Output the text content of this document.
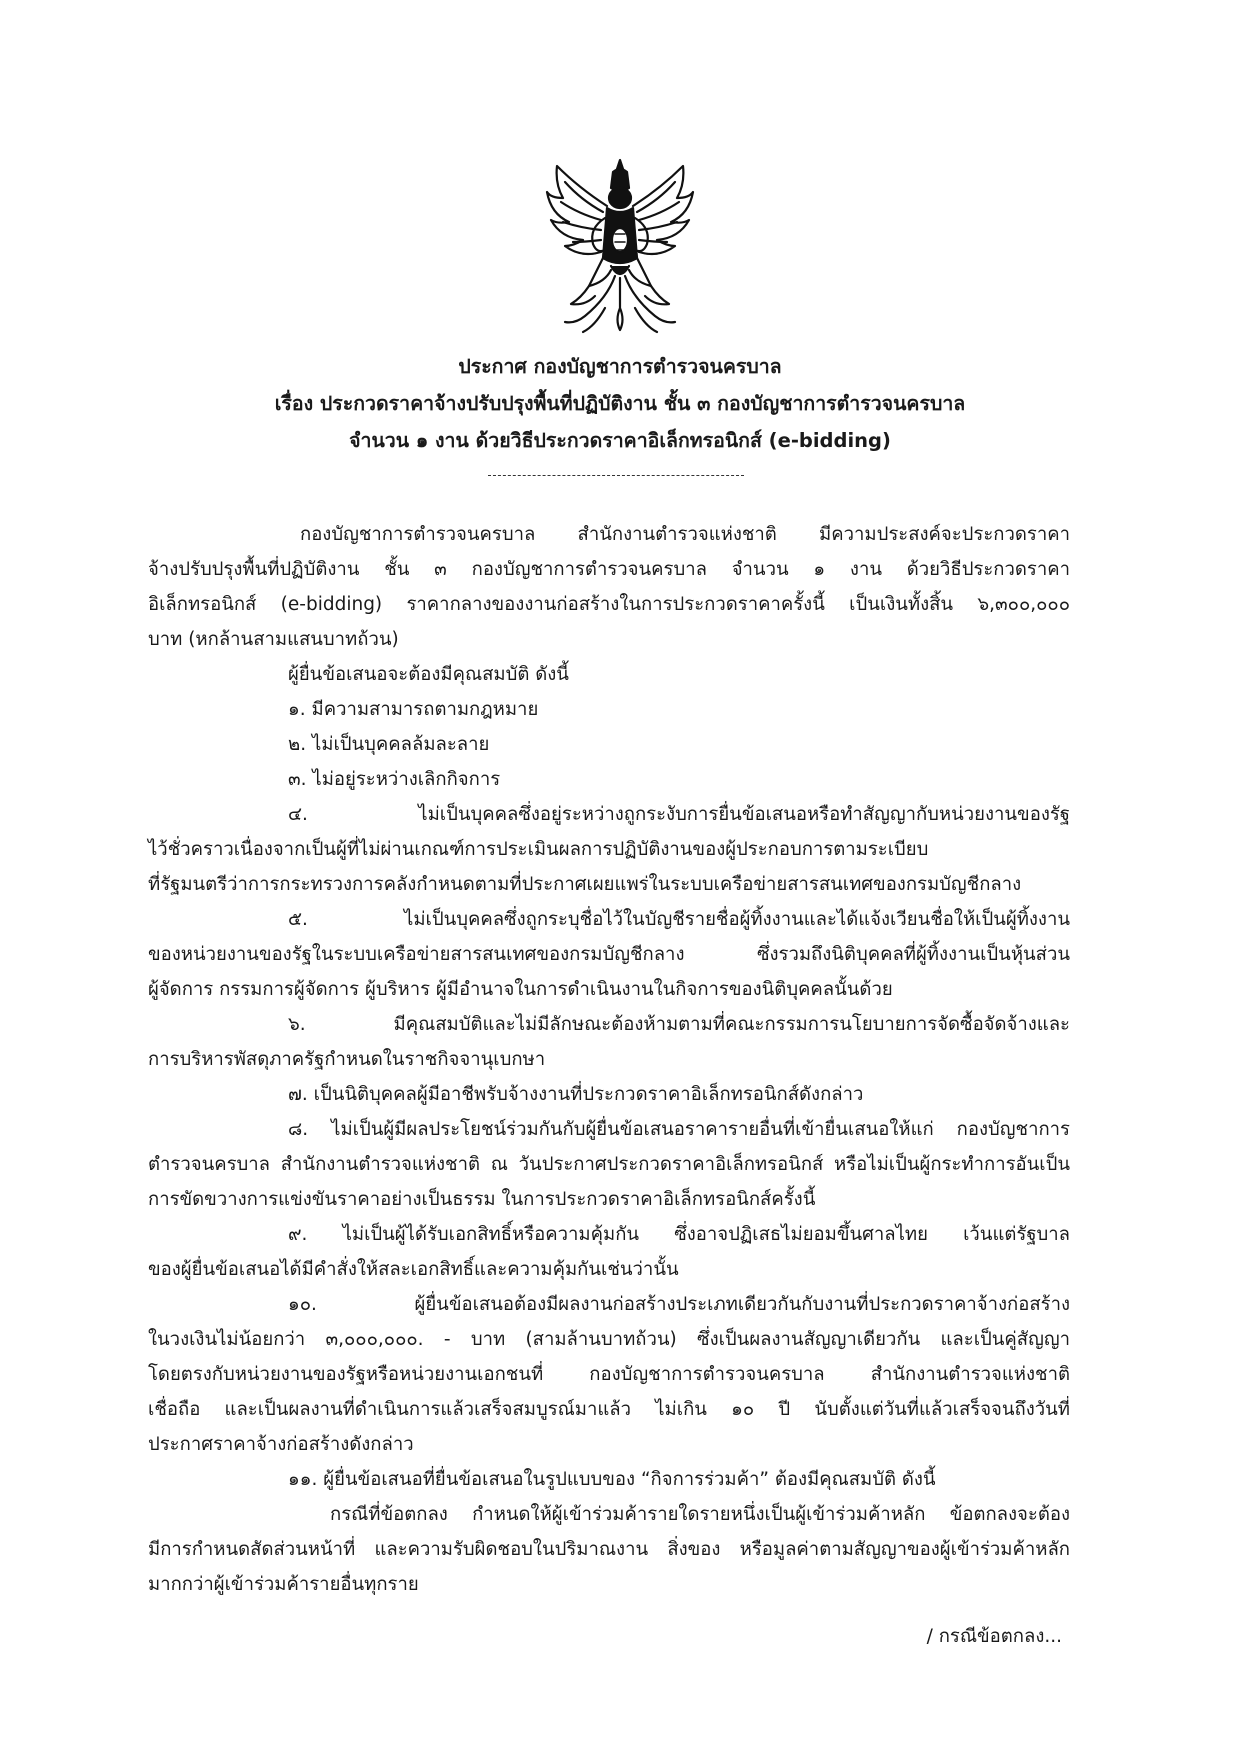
ประกาศ กองบัญชาการตำรวจนครบาล
เรื่อง ประกวดราคาจ้างปรับปรุงพื้นที่ปฏิบัติงาน ชั้น ๓ กองบัญชาการตำรวจนครบาล
จำนวน ๑ งาน ด้วยวิธีประกวดราคาอิเล็กทรอนิกส์ (e-bidding)
กองบัญชาการตำรวจนครบาล สำนักงานตำรวจแห่งชาติ มีความประสงค์จะประกวดราคา
จ้างปรับปรุงพื้นที่ปฏิบัติงาน ชั้น ๓ กองบัญชาการตำรวจนครบาล จำนวน ๑ งาน ด้วยวิธีประกวดราคา
อิเล็กทรอนิกส์ (e-bidding) ราคากลางของงานก่อสร้างในการประกวดราคาครั้งนี้ เป็นเงินทั้งสิ้น ๖,๓๐๐,๐๐๐
บาท (หกล้านสามแสนบาทถ้วน)
ผู้ยื่นข้อเสนอจะต้องมีคุณสมบัติ ดังนี้
๑. มีความสามารถตามกฎหมาย
๒. ไม่เป็นบุคคลล้มละลาย
๓. ไม่อยู่ระหว่างเลิกกิจการ
๔. ไม่เป็นบุคคลซึ่งอยู่ระหว่างถูกระงับการยื่นข้อเสนอหรือทำสัญญากับหน่วยงานของรัฐ
ไว้ชั่วคราวเนื่องจากเป็นผู้ที่ไม่ผ่านเกณฑ์การประเมินผลการปฏิบัติงานของผู้ประกอบการตามระเบียบ
ที่รัฐมนตรีว่าการกระทรวงการคลังกำหนดตามที่ประกาศเผยแพร่ในระบบเครือข่ายสารสนเทศของกรมบัญชีกลาง
๕. ไม่เป็นบุคคลซึ่งถูกระบุชื่อไว้ในบัญชีรายชื่อผู้ทิ้งงานและได้แจ้งเวียนชื่อให้เป็นผู้ทิ้งงาน
ของหน่วยงานของรัฐในระบบเครือข่ายสารสนเทศของกรมบัญชีกลาง ซึ่งรวมถึงนิติบุคคลที่ผู้ทิ้งงานเป็นหุ้นส่วน
ผู้จัดการ กรรมการผู้จัดการ ผู้บริหาร ผู้มีอำนาจในการดำเนินงานในกิจการของนิติบุคคลนั้นด้วย
๖. มีคุณสมบัติและไม่มีลักษณะต้องห้ามตามที่คณะกรรมการนโยบายการจัดซื้อจัดจ้างและ
การบริหารพัสดุภาครัฐกำหนดในราชกิจจานุเบกษา
๗. เป็นนิติบุคคลผู้มีอาชีพรับจ้างงานที่ประกวดราคาอิเล็กทรอนิกส์ดังกล่าว
๘. ไม่เป็นผู้มีผลประโยชน์ร่วมกันกับผู้ยื่นข้อเสนอราคารายอื่นที่เข้ายื่นเสนอให้แก่ กองบัญชาการ
ตำรวจนครบาล สำนักงานตำรวจแห่งชาติ ณ วันประกาศประกวดราคาอิเล็กทรอนิกส์ หรือไม่เป็นผู้กระทำการอันเป็น
การขัดขวางการแข่งขันราคาอย่างเป็นธรรม ในการประกวดราคาอิเล็กทรอนิกส์ครั้งนี้
๙. ไม่เป็นผู้ได้รับเอกสิทธิ์หรือความคุ้มกัน ซึ่งอาจปฏิเสธไม่ยอมขึ้นศาลไทย เว้นแต่รัฐบาล
ของผู้ยื่นข้อเสนอได้มีคำสั่งให้สละเอกสิทธิ์และความคุ้มกันเช่นว่านั้น
๑๐. ผู้ยื่นข้อเสนอต้องมีผลงานก่อสร้างประเภทเดียวกันกับงานที่ประกวดราคาจ้างก่อสร้าง
ในวงเงินไม่น้อยกว่า ๓,๐๐๐,๐๐๐. - บาท (สามล้านบาทถ้วน) ซึ่งเป็นผลงานสัญญาเดียวกัน และเป็นคู่สัญญา
โดยตรงกับหน่วยงานของรัฐหรือหน่วยงานเอกชนที่ กองบัญชาการตำรวจนครบาล สำนักงานตำรวจแห่งชาติ
เชื่อถือ และเป็นผลงานที่ดำเนินการแล้วเสร็จสมบูรณ์มาแล้ว ไม่เกิน ๑๐ ปี นับตั้งแต่วันที่แล้วเสร็จจนถึงวันที่
ประกาศราคาจ้างก่อสร้างดังกล่าว
๑๑. ผู้ยื่นข้อเสนอที่ยื่นข้อเสนอในรูปแบบของ “กิจการร่วมค้า” ต้องมีคุณสมบัติ ดังนี้
กรณีที่ข้อตกลง กำหนดให้ผู้เข้าร่วมค้ารายใดรายหนึ่งเป็นผู้เข้าร่วมค้าหลัก ข้อตกลงจะต้อง
มีการกำหนดสัดส่วนหน้าที่ และความรับผิดชอบในปริมาณงาน สิ่งของ หรือมูลค่าตามสัญญาของผู้เข้าร่วมค้าหลัก
มากกว่าผู้เข้าร่วมค้ารายอื่นทุกราย
/ กรณีข้อตกลง...
